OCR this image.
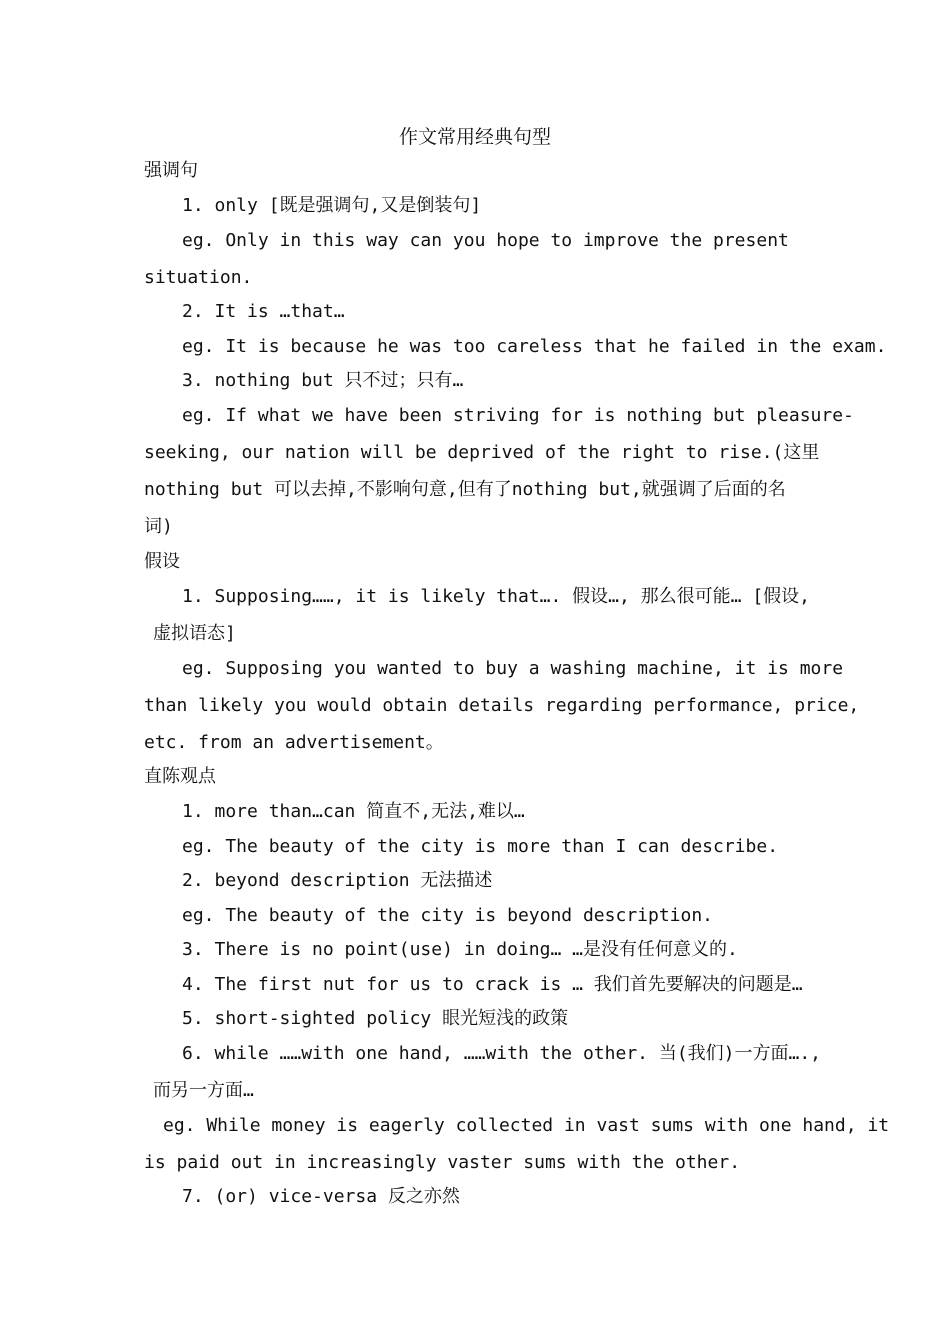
作文常用经典句型
强调句
1. only [既是强调句,又是倒装句]
eg. Only in this way can you hope to improve the present
situation.
2. It is …that…
eg. It is because he was too careless that he failed in the exam.
3. nothing but 只不过；只有…
eg. If what we have been striving for is nothing but pleasure-
seeking, our nation will be deprived of the right to rise.(这里
nothing but 可以去掉,不影响句意,但有了nothing but,就强调了后面的名
词)
假设
1. Supposing……, it is likely that…. 假设…, 那么很可能… [假设,
虚拟语态]
eg. Supposing you wanted to buy a washing machine, it is more
than likely you would obtain details regarding performance, price,
etc. from an advertisement。
直陈观点
1. more than…can 简直不,无法,难以…
eg. The beauty of the city is more than I can describe.
2. beyond description 无法描述
eg. The beauty of the city is beyond description.
3. There is no point(use) in doing… …是没有任何意义的.
4. The first nut for us to crack is … 我们首先要解决的问题是…
5. short-sighted policy 眼光短浅的政策
6. while ……with one hand, ……with the other. 当(我们)一方面….,
而另一方面…
eg. While money is eagerly collected in vast sums with one hand, it
is paid out in increasingly vaster sums with the other.
7. (or) vice-versa 反之亦然
